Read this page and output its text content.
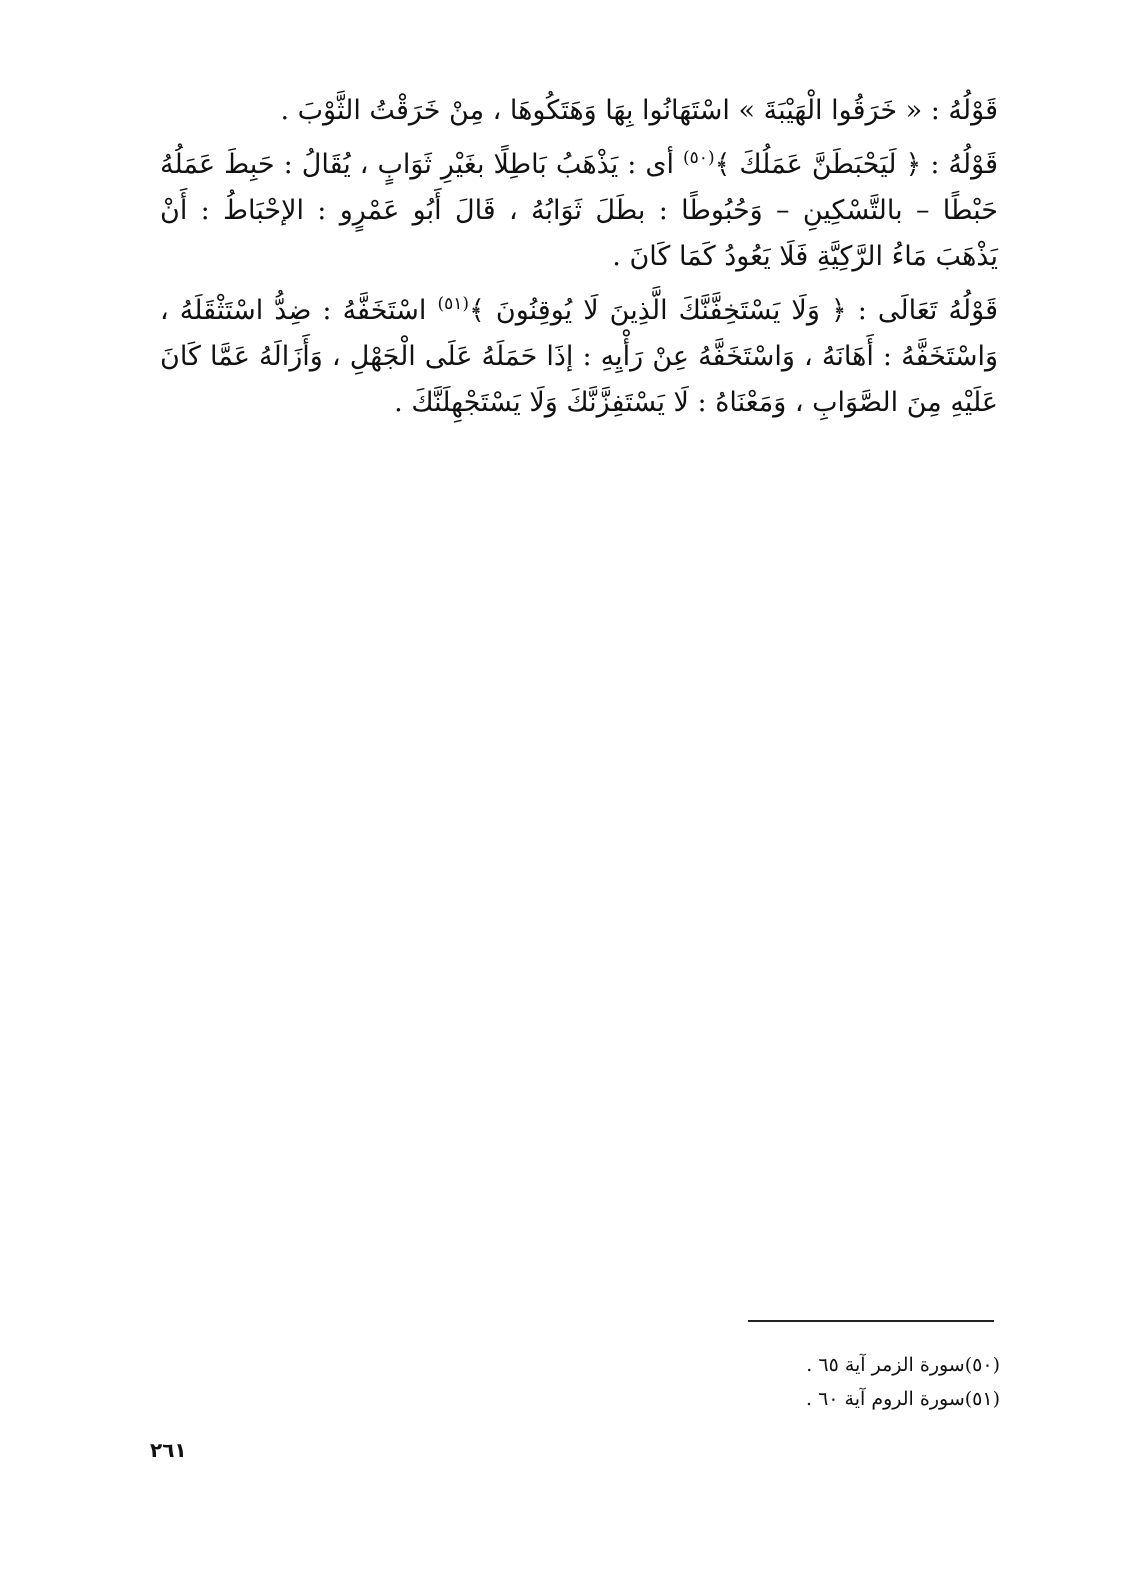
قَوْلُهُ : « خَرَقُوا الْهَيْبَةَ » اسْتَهَانُوا بِهَا وَهَتَكُوهَا ، مِنْ خَرَقْتُ الثَّوْبَ .

قَوْلُهُ : ﴿ لَيَحْبَطَنَّ عَمَلُكَ ﴾$^{(٥٠)}$ أى : يَذْهَبُ بَاطِلًا بغَيْرِ ثَوَابٍ ، يُقَالُ : حَبِطَ عَمَلُهُ حَبْطًا – بالتَّسْكِينِ – وَحُبُوطًا : بطَلَ ثَوَابُهُ ، قَالَ أَبُو عَمْرٍو : الإحْبَاطُ : أَنْ يَذْهَبَ مَاءُ الرَّكِيَّةِ فَلَا يَعُودُ كَمَا كَانَ .

قَوْلُهُ تَعَالَى : ﴿ وَلَا يَسْتَخِفَّنَّكَ الَّذِينَ لَا يُوقِنُونَ ﴾$^{(٥١)}$ اسْتَخَفَّهُ : ضِدُّ اسْتَثْقَلَهُ ، وَاسْتَخَفَّهُ : أَهَانَهُ ، وَاسْتَخَفَّهُ عِنْ رَأْيِهِ : إذَا حَمَلَهُ عَلَى الْجَهْلِ ، وَأَزَالَهُ عَمَّا كَانَ عَلَيْهِ مِنَ الصَّوَابِ ، وَمَعْنَاهُ : لَا يَسْتَفِزَّنَّكَ وَلَا يَسْتَجْهِلَنَّكَ .

(٥٠)سورة الزمر آية ٦٥ .

(٥١)سورة الروم آية ٦٠ .

٢٦١
